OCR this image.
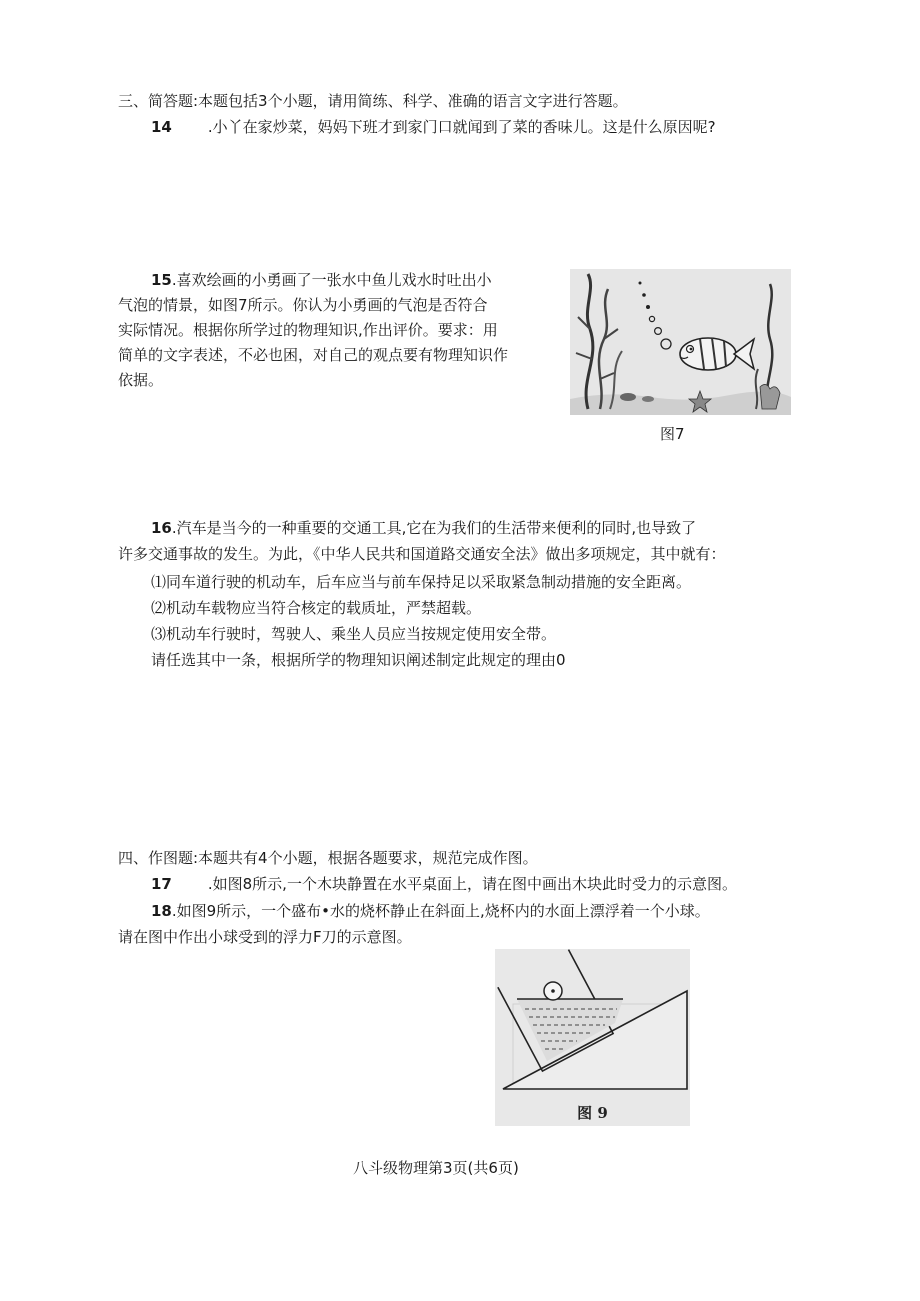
三、简答题:本题包括3个小题，请用简练、科学、准确的语言文字进行答题。
14 .小丫在家炒菜，妈妈下班才到家门口就闻到了菜的香味儿。这是什么原因呢?
15.喜欢绘画的小勇画了一张水中鱼儿戏水时吐出小
气泡的情景，如图7所示。你认为小勇画的气泡是否符合
实际情况。根据你所学过的物理知识,作出评价。要求：用
简单的文字表述，不必也困，对自己的观点要有物理知识作
依据。
图7
16.汽车是当今的一种重要的交通工具,它在为我们的生活带来便利的同时,也导致了
许多交通事故的发生。为此，《中华人民共和国道路交通安全法》做出多项规定，其中就有：
⑴同车道行驶的机动车，后车应当与前车保持足以采取紧急制动措施的安全距离。
⑵机动车载物应当符合核定的载质址，严禁超载。
⑶机动车行驶时，驾驶人、乘坐人员应当按规定使用安全带。
请任选其中一条，根据所学的物理知识阐述制定此规定的理由0
四、作图题:本题共有4个小题，根据各题要求，规范完成作图。
17 .如图8所示,一个木块静置在水平桌面上，请在图中画出木块此时受力的示意图。
18.如图9所示，一个盛布•水的烧杯静止在斜面上,烧杯内的水面上漂浮着一个小球。
请在图中作出小球受到的浮力F刀的示意图。
图 9
八斗级物理第3页(共6页)
